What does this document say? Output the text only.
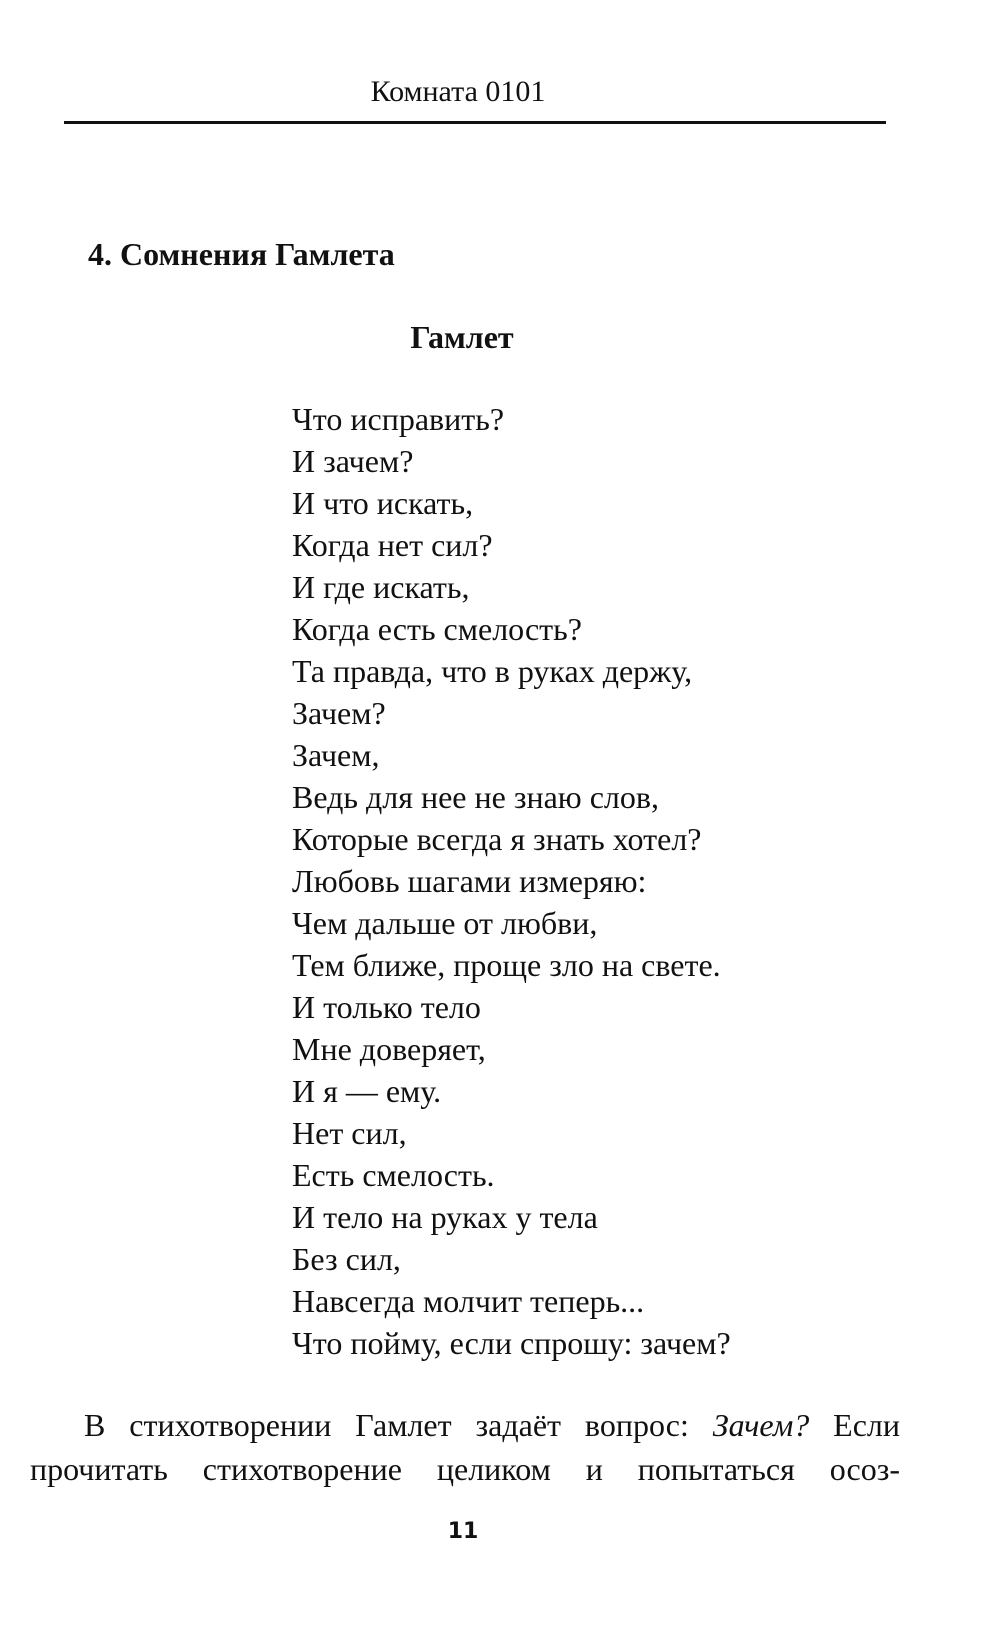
Комната 0101
4. Сомнения Гамлета
Гамлет
Что исправить?
И зачем?
И что искать,
Когда нет сил?
И где искать,
Когда есть смелость?
Та правда, что в руках держу,
Зачем?
Зачем,
Ведь для нее не знаю слов,
Которые всегда я знать хотел?
Любовь шагами измеряю:
Чем дальше от любви,
Тем ближе, проще зло на свете.
И только тело
Мне доверяет,
И я — ему.
Нет сил,
Есть смелость.
И тело на руках у тела
Без сил,
Навсегда молчит теперь...
Что пойму, если спрошу: зачем?

В стихотворении Гамлет задаёт вопрос: Зачем? Если
прочитать стихотворение целиком и попытаться осоз-

11
